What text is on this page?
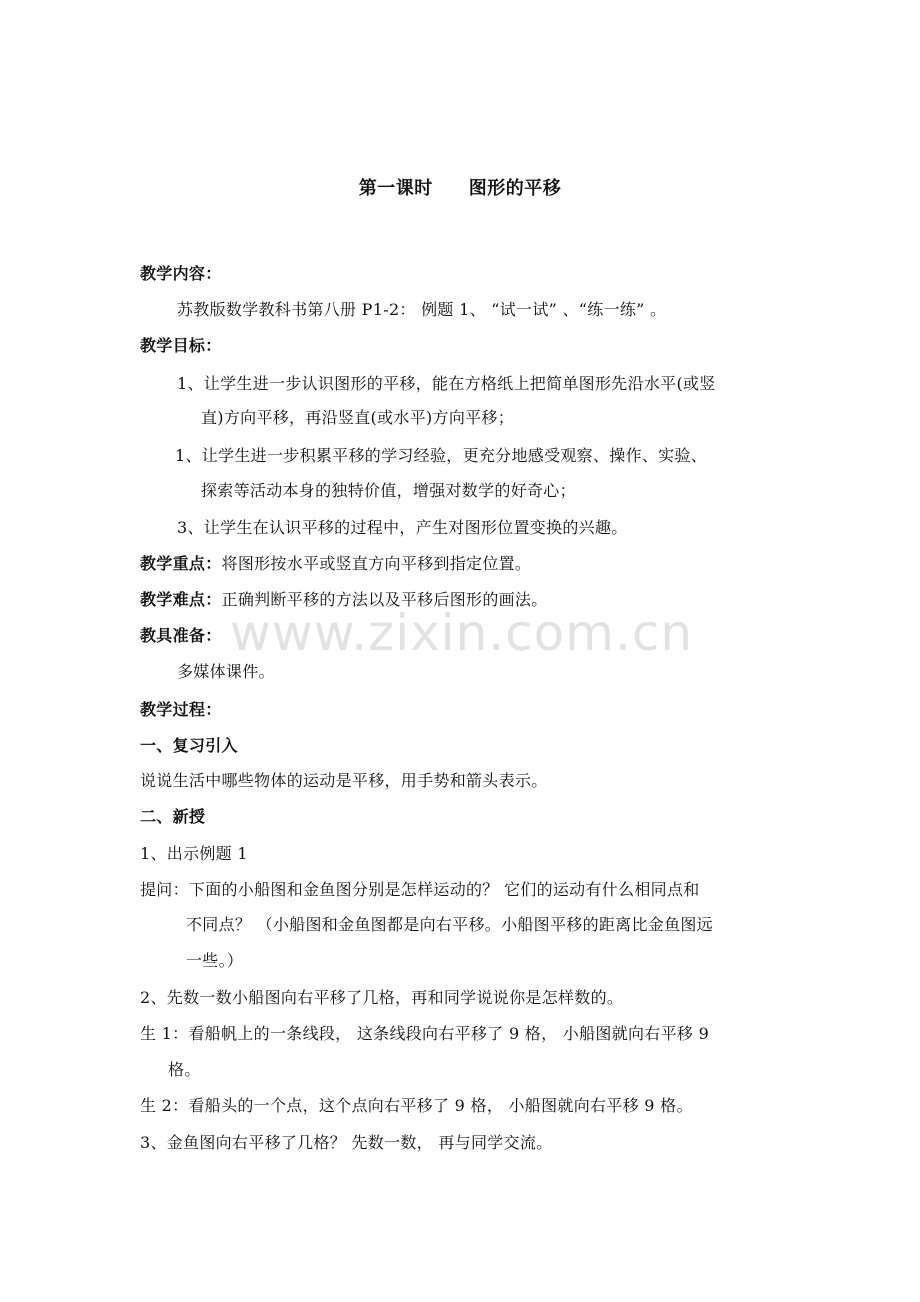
第一课时 图形的平移
教学内容：
苏教版数学教科书第八册 P1-2： 例题 1、 “试一试” 、“练一练” 。
教学目标：
1、让学生进一步认识图形的平移，能在方格纸上把简单图形先沿水平(或竖
直)方向平移，再沿竖直(或水平)方向平移；
1、让学生进一步积累平移的学习经验，更充分地感受观察、操作、实验、
探索等活动本身的独特价值，增强对数学的好奇心；
3、让学生在认识平移的过程中，产生对图形位置变换的兴趣。
教学重点：将图形按水平或竖直方向平移到指定位置。
教学难点：正确判断平移的方法以及平移后图形的画法。
教具准备：
多媒体课件。
教学过程：
一、复习引入
说说生活中哪些物体的运动是平移，用手势和箭头表示。
二、新授
1、出示例题 1
提问：下面的小船图和金鱼图分别是怎样运动的？ 它们的运动有什么相同点和
不同点？ （小船图和金鱼图都是向右平移。小船图平移的距离比金鱼图远
一些。）
2、先数一数小船图向右平移了几格，再和同学说说你是怎样数的。
生 1：看船帆上的一条线段， 这条线段向右平移了 9 格， 小船图就向右平移 9
格。
生 2：看船头的一个点，这个点向右平移了 9 格， 小船图就向右平移 9 格。
3、金鱼图向右平移了几格？ 先数一数， 再与同学交流。
www.zixin.com.cn
